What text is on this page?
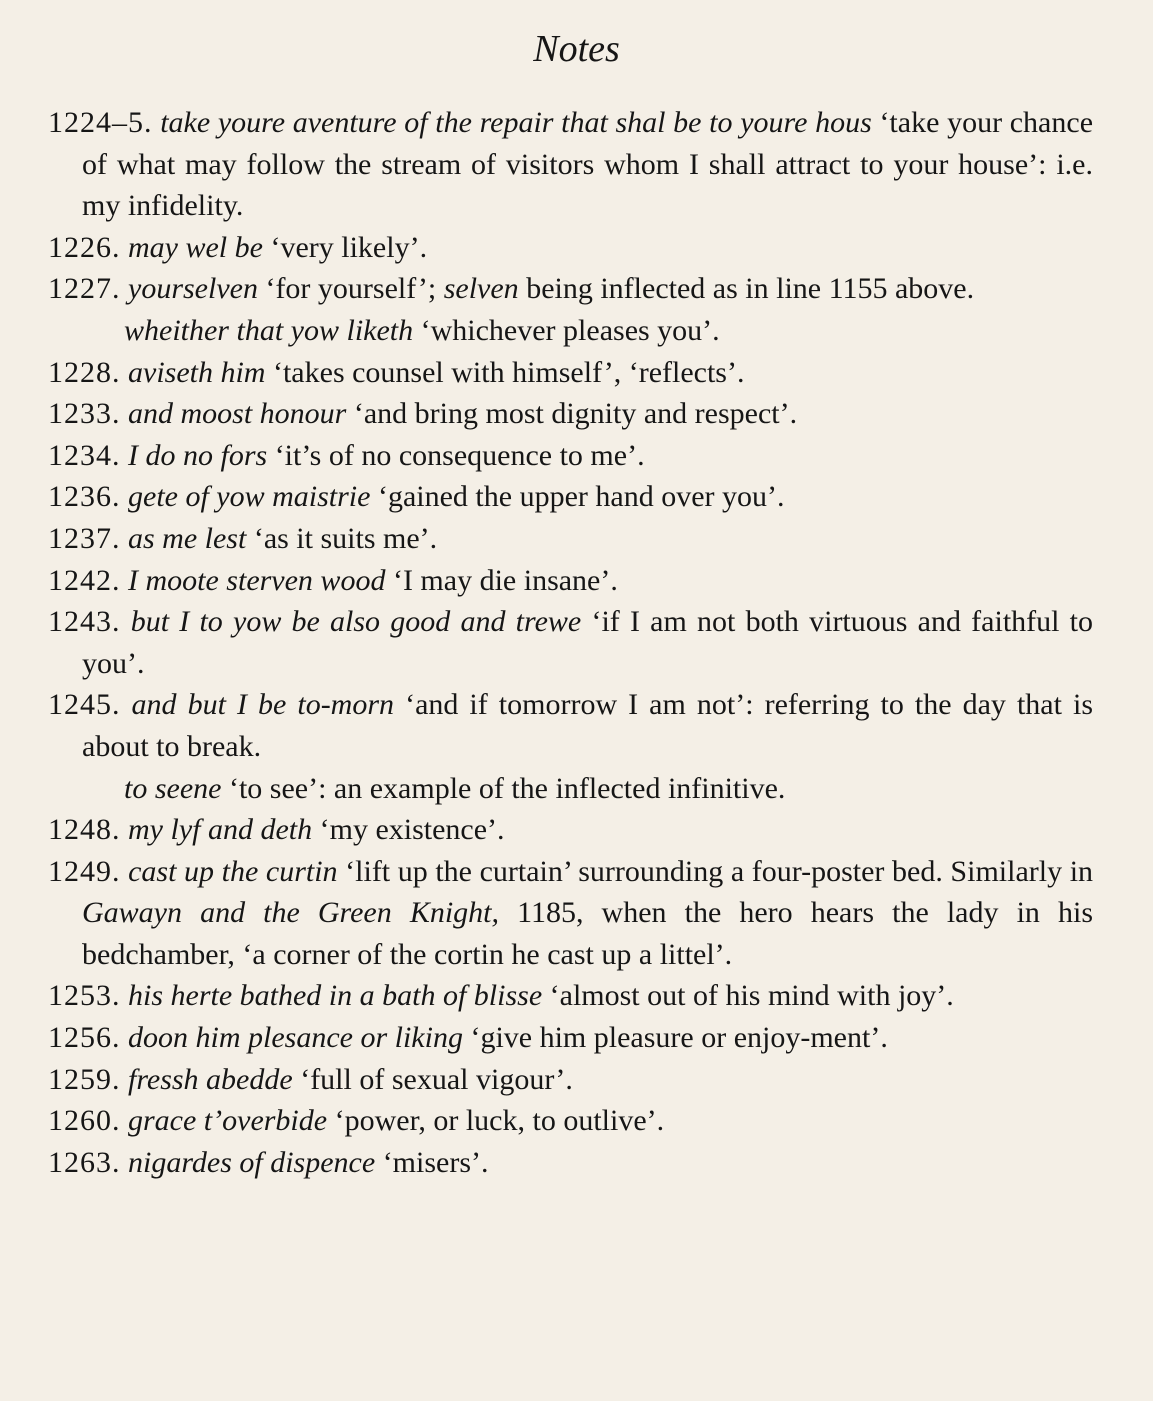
Notes

1224–5. take youre aventure of the repair that shal be to youre hous ‘take your chance of what may follow the stream of visitors whom I shall attract to your house’: i.e. my infidelity.

1226. may wel be ‘very likely’.

1227. yourselven ‘for yourself’; selven being inflected as in line 1155 above.

wheither that yow liketh ‘whichever pleases you’.

1228. aviseth him ‘takes counsel with himself’, ‘reflects’.

1233. and moost honour ‘and bring most dignity and respect’.

1234. I do no fors ‘it’s of no consequence to me’.

1236. gete of yow maistrie ‘gained the upper hand over you’.

1237. as me lest ‘as it suits me’.

1242. I moote sterven wood ‘I may die insane’.

1243. but I to yow be also good and trewe ‘if I am not both virtuous and faithful to you’.

1245. and but I be to-morn ‘and if tomorrow I am not’: referring to the day that is about to break.

to seene ‘to see’: an example of the inflected infinitive.

1248. my lyf and deth ‘my existence’.

1249. cast up the curtin ‘lift up the curtain’ surrounding a four-poster bed. Similarly in Gawayn and the Green Knight, 1185, when the hero hears the lady in his bedchamber, ‘a corner of the cortin he cast up a littel’.

1253. his herte bathed in a bath of blisse ‘almost out of his mind with joy’.

1256. doon him plesance or liking ‘give him pleasure or enjoy-ment’.

1259. fressh abedde ‘full of sexual vigour’.

1260. grace t’overbide ‘power, or luck, to outlive’.

1263. nigardes of dispence ‘misers’.
